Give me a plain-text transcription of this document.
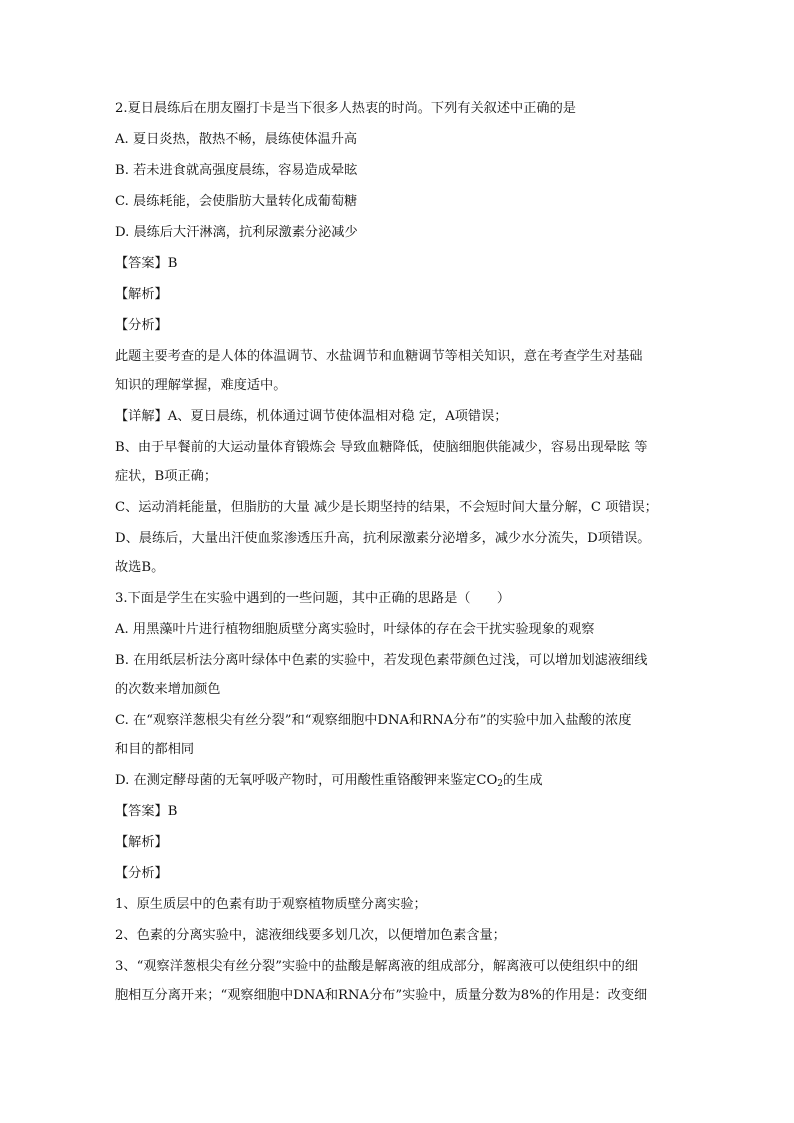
2.夏日晨练后在朋友圈打卡是当下很多人热衷的时尚。下列有关叙述中正确的是
A. 夏日炎热，散热不畅，晨练使体温升高
B. 若未进食就高强度晨练，容易造成晕眩
C. 晨练耗能，会使脂肪大量转化成葡萄糖
D. 晨练后大汗淋漓，抗利尿激素分泌减少
【答案】B
【解析】
【分析】
此题主要考查的是人体的体温调节、水盐调节和血糖调节等相关知识，意在考查学生对基础
知识的理解掌握，难度适中。
【详解】A、夏日晨练，机体通过调节使体温相对稳 定，A项错误；
B、由于早餐前的大运动量体育锻炼会 导致血糖降低，使脑细胞供能减少，容易出现晕眩 等
症状，B项正确；
C、运动消耗能量，但脂肪的大量 减少是长期坚持的结果，不会短时间大量分解，C 项错误；
D、晨练后，大量出汗使血浆渗透压升高，抗利尿激素分泌增多，减少水分流失，D项错误。
故选B。
3.下面是学生在实验中遇到的一些问题，其中正确的思路是（　　）
A. 用黑藻叶片进行植物细胞质壁分离实验时，叶绿体的存在会干扰实验现象的观察
B. 在用纸层析法分离叶绿体中色素的实验中，若发现色素带颜色过浅，可以增加划滤液细线
的次数来增加颜色
C. 在“观察洋葱根尖有丝分裂”和“观察细胞中DNA和RNA分布”的实验中加入盐酸的浓度
和目的都相同
D. 在测定酵母菌的无氧呼吸产物时，可用酸性重铬酸钾来鉴定$CO_2$的生成
【答案】B
【解析】
【分析】
1、原生质层中的色素有助于观察植物质壁分离实验；
2、色素的分离实验中，滤液细线要多划几次，以便增加色素含量；
3、“观察洋葱根尖有丝分裂”实验中的盐酸是解离液的组成部分，解离液可以使组织中的细
胞相互分离开来；“观察细胞中DNA和RNA分布”实验中，质量分数为8%的作用是：改变细
